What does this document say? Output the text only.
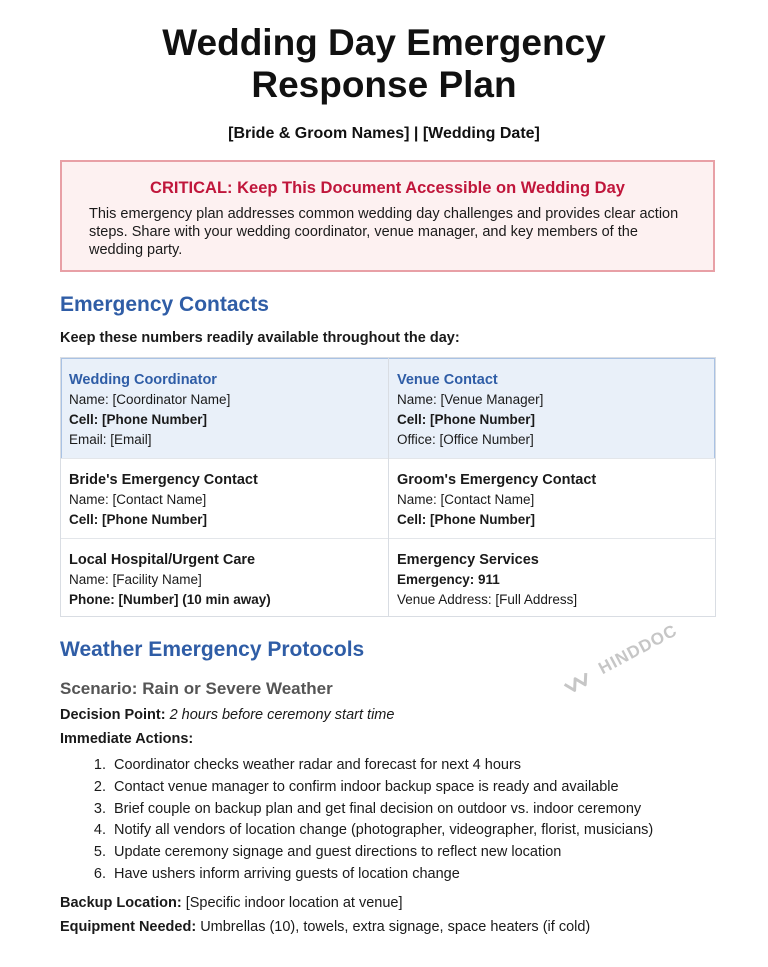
Wedding Day Emergency
Response Plan
[Bride & Groom Names] | [Wedding Date]
CRITICAL: Keep This Document Accessible on Wedding Day
This emergency plan addresses common wedding day challenges and provides clear action steps. Share with your wedding coordinator, venue manager, and key members of the wedding party.
Emergency Contacts
Keep these numbers readily available throughout the day:
Wedding Coordinator
Name: [Coordinator Name]
Cell: [Phone Number]
Email: [Email]
Venue Contact
Name: [Venue Manager]
Cell: [Phone Number]
Office: [Office Number]
Bride's Emergency Contact
Name: [Contact Name]
Cell: [Phone Number]
Groom's Emergency Contact
Name: [Contact Name]
Cell: [Phone Number]
Local Hospital/Urgent Care
Name: [Facility Name]
Phone: [Number] (10 min away)
Emergency Services
Emergency: 911
Venue Address: [Full Address]
Weather Emergency Protocols
Scenario: Rain or Severe Weather
Decision Point: 2 hours before ceremony start time
Immediate Actions:
1. Coordinator checks weather radar and forecast for next 4 hours
2. Contact venue manager to confirm indoor backup space is ready and available
3. Brief couple on backup plan and get final decision on outdoor vs. indoor ceremony
4. Notify all vendors of location change (photographer, videographer, florist, musicians)
5. Update ceremony signage and guest directions to reflect new location
6. Have ushers inform arriving guests of location change
Backup Location: [Specific indoor location at venue]
Equipment Needed: Umbrellas (10), towels, extra signage, space heaters (if cold)
HINDDOC
